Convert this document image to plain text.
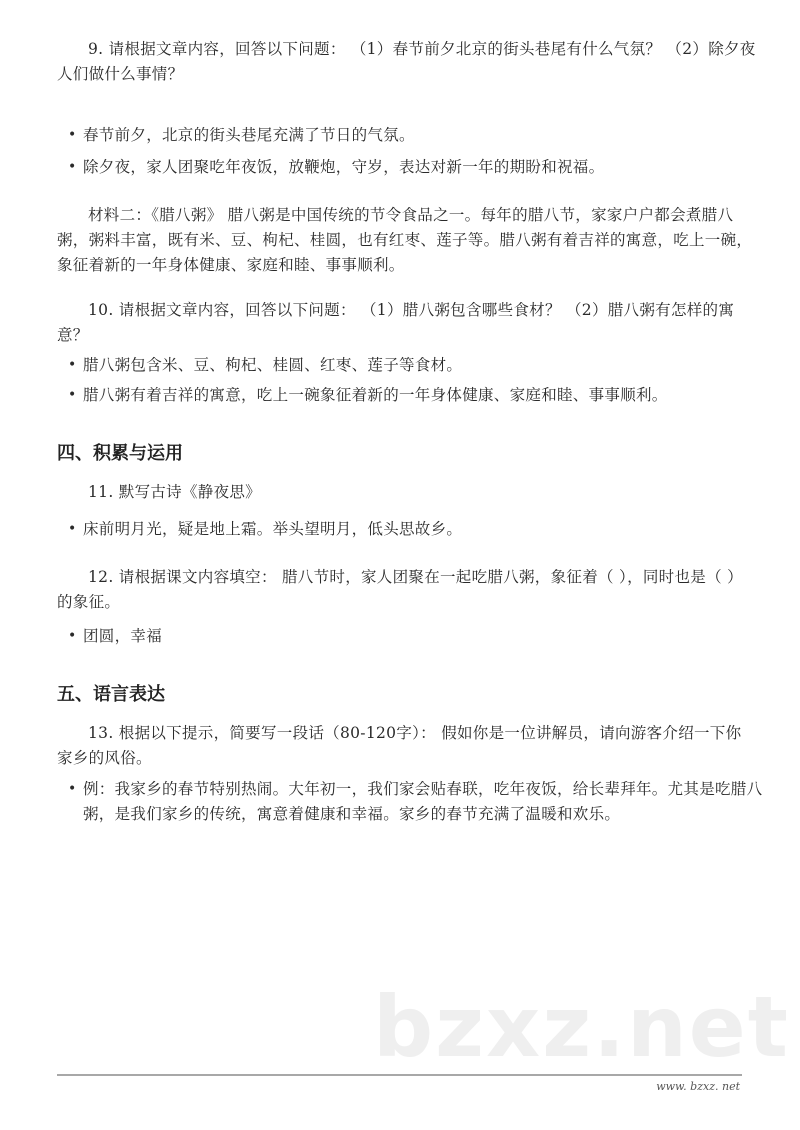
9. 请根据文章内容，回答以下问题： （1）春节前夕北京的街头巷尾有什么气氛？ （2）除夕夜人们做什么事情？

• 春节前夕，北京的街头巷尾充满了节日的气氛。

• 除夕夜，家人团聚吃年夜饭，放鞭炮，守岁，表达对新一年的期盼和祝福。

材料二：《腊八粥》 腊八粥是中国传统的节令食品之一。每年的腊八节，家家户户都会煮腊八粥，粥料丰富，既有米、豆、枸杞、桂圆，也有红枣、莲子等。腊八粥有着吉祥的寓意，吃上一碗，象征着新的一年身体健康、家庭和睦、事事顺利。

10. 请根据文章内容，回答以下问题： （1）腊八粥包含哪些食材？ （2）腊八粥有怎样的寓意？

• 腊八粥包含米、豆、枸杞、桂圆、红枣、莲子等食材。

• 腊八粥有着吉祥的寓意，吃上一碗象征着新的一年身体健康、家庭和睦、事事顺利。

四、积累与运用

11. 默写古诗《静夜思》

• 床前明月光，疑是地上霜。举头望明月，低头思故乡。

12. 请根据课文内容填空： 腊八节时，家人团聚在一起吃腊八粥，象征着（ ），同时也是（ ）的象征。

• 团圆，幸福

五、语言表达

13. 根据以下提示，简要写一段话（80-120字）： 假如你是一位讲解员，请向游客介绍一下你家乡的风俗。

• 例：我家乡的春节特别热闹。大年初一，我们家会贴春联，吃年夜饭，给长辈拜年。尤其是吃腊八粥，是我们家乡的传统，寓意着健康和幸福。家乡的春节充满了温暖和欢乐。

bzxz.net
www. bzxz. net
